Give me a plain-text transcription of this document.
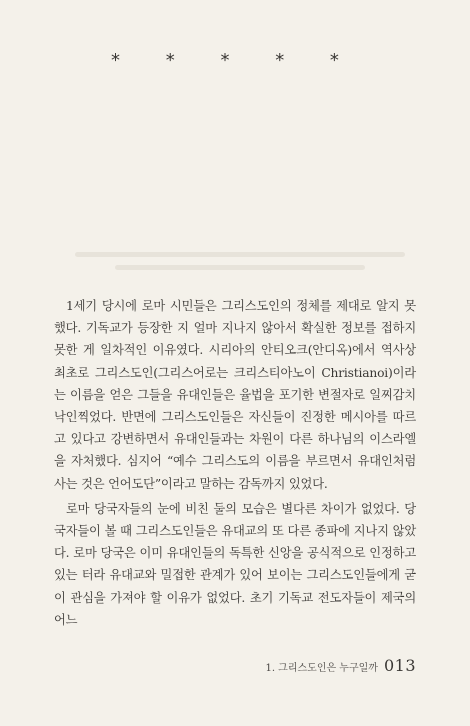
* * * * *

1세기 당시에 로마 시민들은 그리스도인의 정체를 제대로 알지 못했다. 기독교가 등장한 지 얼마 지나지 않아서 확실한 정보를 접하지 못한 게 일차적인 이유였다. 시리아의 안티오크(안디옥)에서 역사상 최초로 그리스도인(그리스어로는 크리스티아노이 Christianoi)이라는 이름을 얻은 그들을 유대인들은 율법을 포기한 변절자로 일찌감치 낙인찍었다. 반면에 그리스도인들은 자신들이 진정한 메시아를 따르고 있다고 강변하면서 유대인들과는 차원이 다른 하나님의 이스라엘을 자처했다. 심지어 “예수 그리스도의 이름을 부르면서 유대인처럼 사는 것은 언어도단”이라고 말하는 감독까지 있었다.

로마 당국자들의 눈에 비친 둘의 모습은 별다른 차이가 없었다. 당국자들이 볼 때 그리스도인들은 유대교의 또 다른 종파에 지나지 않았다. 로마 당국은 이미 유대인들의 독특한 신앙을 공식적으로 인정하고 있는 터라 유대교와 밀접한 관계가 있어 보이는 그리스도인들에게 굳이 관심을 가져야 할 이유가 없었다. 초기 기독교 전도자들이 제국의 어느

1. 그리스도인은 누구일까 013
